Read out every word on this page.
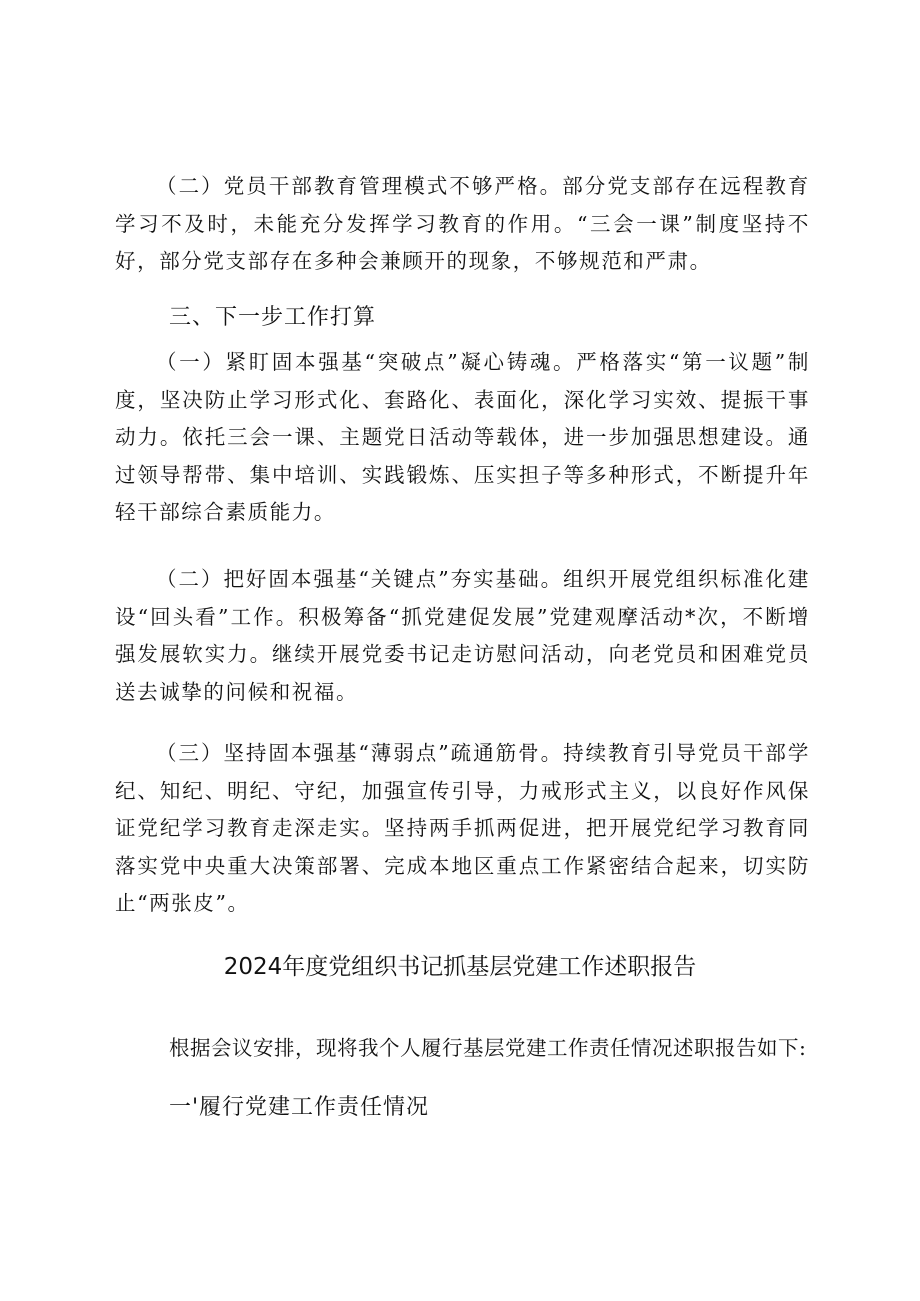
（二）党员干部教育管理模式不够严格。部分党支部存在远程教育学习不及时，未能充分发挥学习教育的作用。“三会一课”制度坚持不好，部分党支部存在多种会兼顾开的现象，不够规范和严肃。

三、下一步工作打算

（一）紧盯固本强基“突破点”凝心铸魂。严格落实“第一议题”制度，坚决防止学习形式化、套路化、表面化，深化学习实效、提振干事动力。依托三会一课、主题党日活动等载体，进一步加强思想建设。通过领导帮带、集中培训、实践锻炼、压实担子等多种形式，不断提升年轻干部综合素质能力。

（二）把好固本强基“关键点”夯实基础。组织开展党组织标准化建设“回头看”工作。积极筹备“抓党建促发展”党建观摩活动*次，不断增强发展软实力。继续开展党委书记走访慰问活动，向老党员和困难党员送去诚挚的问候和祝福。

（三）坚持固本强基“薄弱点”疏通筋骨。持续教育引导党员干部学纪、知纪、明纪、守纪，加强宣传引导，力戒形式主义，以良好作风保证党纪学习教育走深走实。坚持两手抓两促进，把开展党纪学习教育同落实党中央重大决策部署、完成本地区重点工作紧密结合起来，切实防止“两张皮”。

2024年度党组织书记抓基层党建工作述职报告

根据会议安排，现将我个人履行基层党建工作责任情况述职报告如下:

一'履行党建工作责任情况
